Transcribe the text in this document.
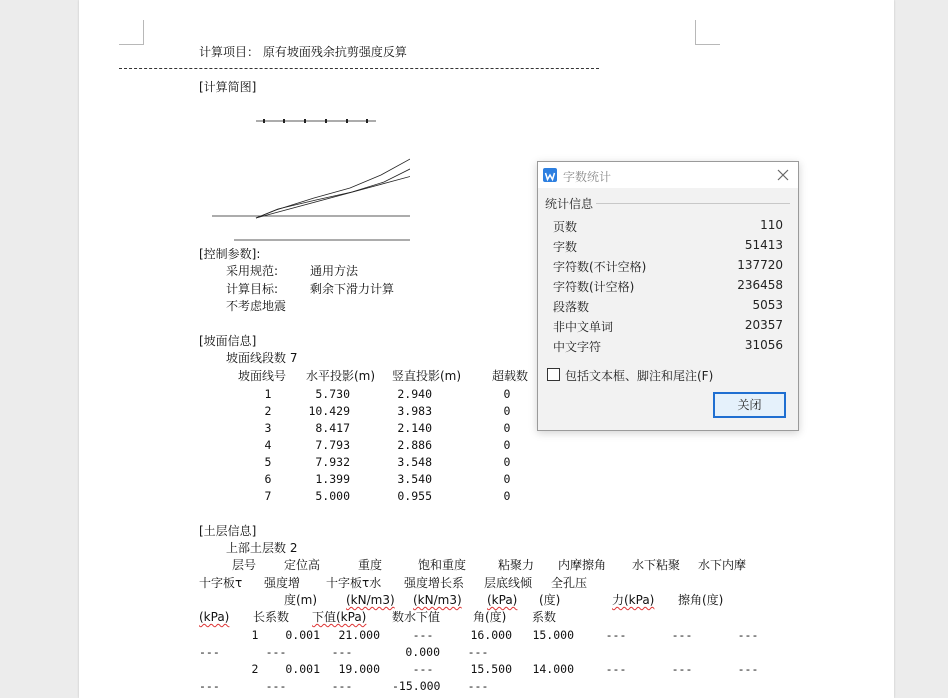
计算项目： 原有坡面残余抗剪强度反算
[计算简图]
[控制参数]:
采用规范:	通用方法
计算目标:	剩余下滑力计算
不考虑地震
[坡面信息]
坡面线段数 7
坡面线号 水平投影(m) 竖直投影(m)	超载数
1	5.730	2.940	0
2	10.429	3.983	0
3	8.417	2.140	0
4	7.793	2.886	0
5	7.932	3.548	0
6	1.399	3.540	0
7	5.000	0.955	0
[土层信息]
上部土层数 2
层号 定位高	重度	饱和重度	粘聚力 内摩擦角 水下粘聚 水下内摩
十字板τ 强度增 十字板τ水 强度增长系 层底线倾 全孔压
度(m) (kN/m3) (kN/m3) (kPa) (度)	力(kPa) 擦角(度)
(kPa) 长系数 下值(kPa) 数水下值	角(度) 系数
1	0.001 21.000	---	16.000	15.000	---	---	---
---	---	---	0.000 ---
2	0.001 19.000	---	15.500	14.000	---	---	---
---	---	---	-15.000 ---
字数统计
统计信息
页数	110
字数	51413
字符数(不计空格)	137720
字符数(计空格)	236458
段落数	5053
非中文单词	20357
中文字符	31056
包括文本框、脚注和尾注(F)
关闭
